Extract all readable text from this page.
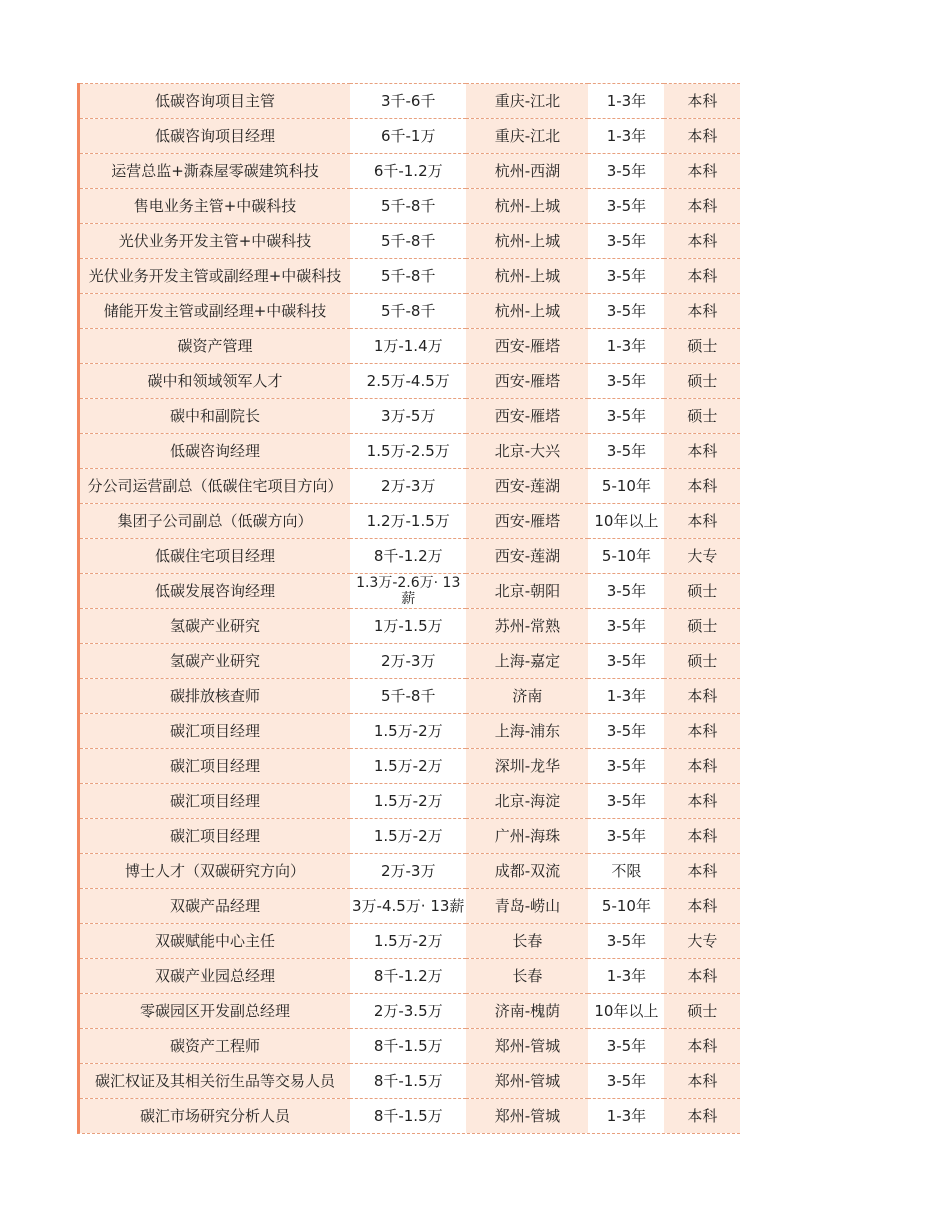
低碳咨询项目主管	3千-6千	重庆-江北	1-3年	本科
低碳咨询项目经理	6千-1万	重庆-江北	1-3年	本科
运营总监+澌森屋零碳建筑科技	6千-1.2万	杭州-西湖	3-5年	本科
售电业务主管+中碳科技	5千-8千	杭州-上城	3-5年	本科
光伏业务开发主管+中碳科技	5千-8千	杭州-上城	3-5年	本科
光伏业务开发主管或副经理+中碳科技	5千-8千	杭州-上城	3-5年	本科
储能开发主管或副经理+中碳科技	5千-8千	杭州-上城	3-5年	本科
碳资产管理	1万-1.4万	西安-雁塔	1-3年	硕士
碳中和领域领军人才	2.5万-4.5万	西安-雁塔	3-5年	硕士
碳中和副院长	3万-5万	西安-雁塔	3-5年	硕士
低碳咨询经理	1.5万-2.5万	北京-大兴	3-5年	本科
分公司运营副总（低碳住宅项目方向）	2万-3万	西安-莲湖	5-10年	本科
集团子公司副总（低碳方向）	1.2万-1.5万	西安-雁塔	10年以上	本科
低碳住宅项目经理	8千-1.2万	西安-莲湖	5-10年	大专
低碳发展咨询经理	1.3万-2.6万· 13薪	北京-朝阳	3-5年	硕士
氢碳产业研究	1万-1.5万	苏州-常熟	3-5年	硕士
氢碳产业研究	2万-3万	上海-嘉定	3-5年	硕士
碳排放核查师	5千-8千	济南	1-3年	本科
碳汇项目经理	1.5万-2万	上海-浦东	3-5年	本科
碳汇项目经理	1.5万-2万	深圳-龙华	3-5年	本科
碳汇项目经理	1.5万-2万	北京-海淀	3-5年	本科
碳汇项目经理	1.5万-2万	广州-海珠	3-5年	本科
博士人才（双碳研究方向）	2万-3万	成都-双流	不限	本科
双碳产品经理	3万-4.5万· 13薪	青岛-崂山	5-10年	本科
双碳赋能中心主任	1.5万-2万	长春	3-5年	大专
双碳产业园总经理	8千-1.2万	长春	1-3年	本科
零碳园区开发副总经理	2万-3.5万	济南-槐荫	10年以上	硕士
碳资产工程师	8千-1.5万	郑州-管城	3-5年	本科
碳汇权证及其相关衍生品等交易人员	8千-1.5万	郑州-管城	3-5年	本科
碳汇市场研究分析人员	8千-1.5万	郑州-管城	1-3年	本科
